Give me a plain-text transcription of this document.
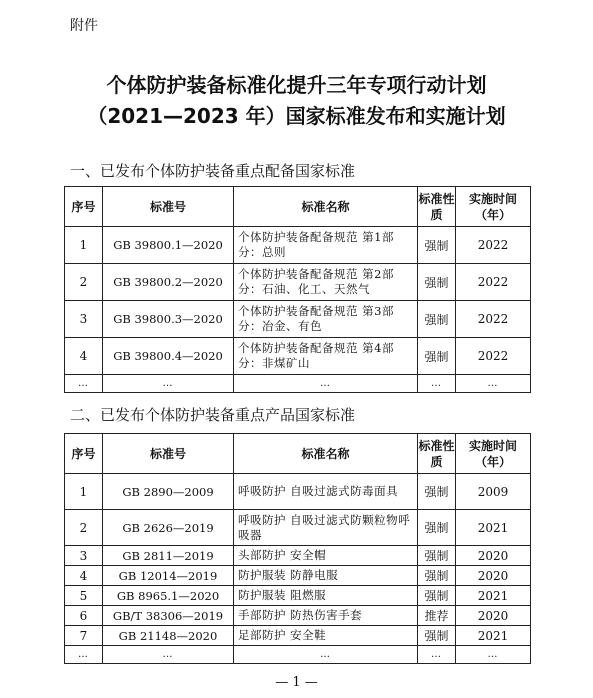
附件
个体防护装备标准化提升三年专项行动计划
（2021—2023 年）国家标准发布和实施计划
一、已发布个体防护装备重点配备国家标准
序号	标准号	标准名称	标准性质	实施时间（年）
1	GB 39800.1—2020	个体防护装备配备规范 第1部分：总则	强制	2022
2	GB 39800.2—2020	个体防护装备配备规范 第2部分：石油、化工、天然气	强制	2022
3	GB 39800.3—2020	个体防护装备配备规范 第3部分：冶金、有色	强制	2022
4	GB 39800.4—2020	个体防护装备配备规范 第4部分：非煤矿山	强制	2022
…	…	…	…	…
二、已发布个体防护装备重点产品国家标准
序号	标准号	标准名称	标准性质	实施时间（年）
1	GB 2890—2009	呼吸防护 自吸过滤式防毒面具	强制	2009
2	GB 2626—2019	呼吸防护 自吸过滤式防颗粒物呼吸器	强制	2021
3	GB 2811—2019	头部防护 安全帽	强制	2020
4	GB 12014—2019	防护服装 防静电服	强制	2020
5	GB 8965.1—2020	防护服装 阻燃服	强制	2021
6	GB/T 38306—2019	手部防护 防热伤害手套	推荐	2020
7	GB 21148—2020	足部防护 安全鞋	强制	2021
…	…	…	…	…
— 1 —
